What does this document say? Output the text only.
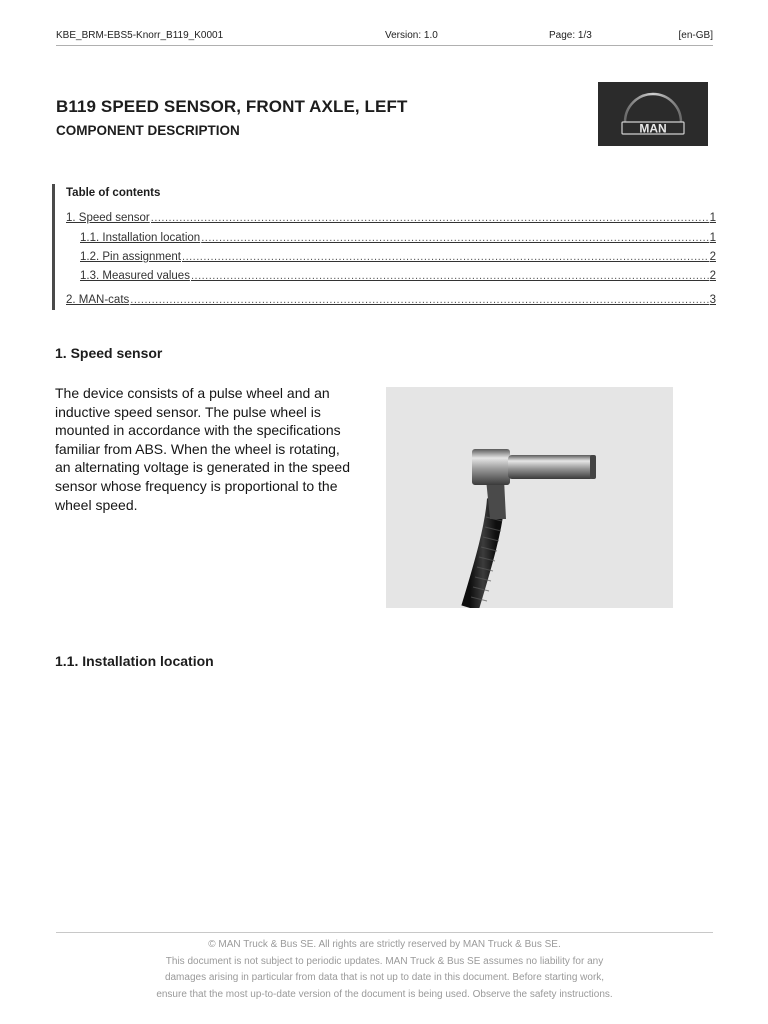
KBE_BRM-EBS5-Knorr_B119_K0001	Version: 1.0	Page: 1/3	[en-GB]
B119 SPEED SENSOR, FRONT AXLE, LEFT
COMPONENT DESCRIPTION	MAN
Table of contents
1. Speed sensor .....	1
1.1. Installation location .....	1
1.2. Pin assignment .....	2
1.3. Measured values .....	2
2. MAN-cats .....	3
1. Speed sensor
The device consists of a pulse wheel and an inductive speed sensor. The pulse wheel is mounted in accordance with the specifications familiar from ABS. When the wheel is rotating, an alternating voltage is generated in the speed sensor whose frequency is proportional to the wheel speed.
1.1. Installation location
© MAN Truck & Bus SE. All rights are strictly reserved by MAN Truck & Bus SE.
This document is not subject to periodic updates. MAN Truck & Bus SE assumes no liability for any
damages arising in particular from data that is not up to date in this document. Before starting work,
ensure that the most up-to-date version of the document is being used. Observe the safety instructions.
